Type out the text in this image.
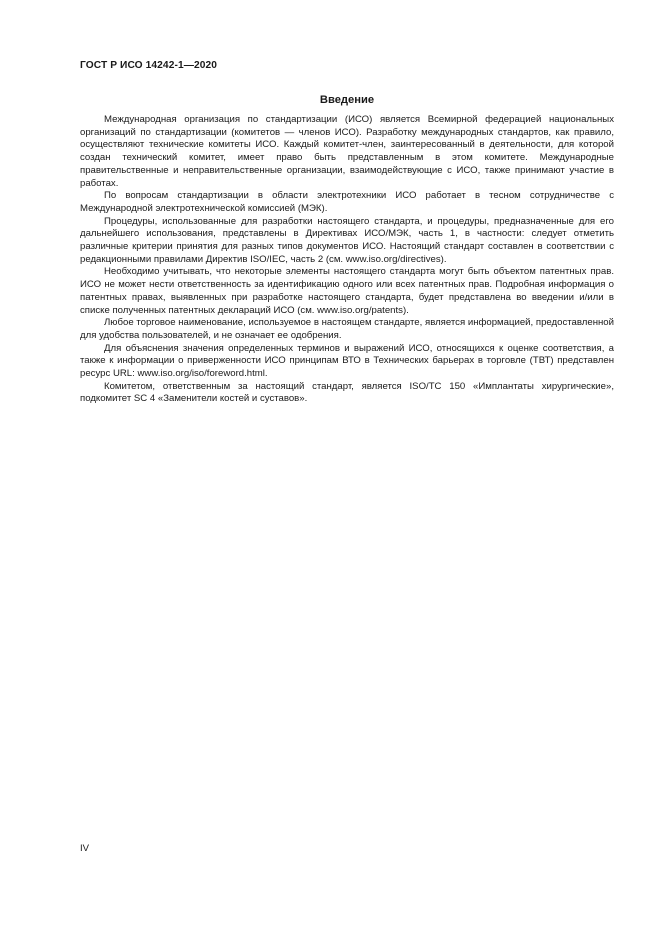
ГОСТ Р ИСО 14242-1—2020
Введение

Международная организация по стандартизации (ИСО) является Всемирной федерацией национальных организаций по стандартизации (комитетов — членов ИСО). Разработку международных стандартов, как правило, осуществляют технические комитеты ИСО. Каждый комитет-член, заинтересованный в деятельности, для которой создан технический комитет, имеет право быть представленным в этом комитете. Международные правительственные и неправительственные организации, взаимодействующие с ИСО, также принимают участие в работах.

По вопросам стандартизации в области электротехники ИСО работает в тесном сотрудничестве с Международной электротехнической комиссией (МЭК).

Процедуры, использованные для разработки настоящего стандарта, и процедуры, предназначенные для его дальнейшего использования, представлены в Директивах ИСО/МЭК, часть 1, в частности: следует отметить различные критерии принятия для разных типов документов ИСО. Настоящий стандарт составлен в соответствии с редакционными правилами Директив ISO/IEC, часть 2 (см. www.iso.org/directives).

Необходимо учитывать, что некоторые элементы настоящего стандарта могут быть объектом патентных прав. ИСО не может нести ответственность за идентификацию одного или всех патентных прав. Подробная информация о патентных правах, выявленных при разработке настоящего стандарта, будет представлена во введении и/или в списке полученных патентных деклараций ИСО (см. www.iso.org/patents).

Любое торговое наименование, используемое в настоящем стандарте, является информацией, предоставленной для удобства пользователей, и не означает ее одобрения.

Для объяснения значения определенных терминов и выражений ИСО, относящихся к оценке соответствия, а также к информации о приверженности ИСО принципам ВТО в Технических барьерах в торговле (ТВТ) представлен ресурс URL: www.iso.org/iso/foreword.html.

Комитетом, ответственным за настоящий стандарт, является ISO/TC 150 «Имплантаты хирургические», подкомитет SC 4 «Заменители костей и суставов».

IV
